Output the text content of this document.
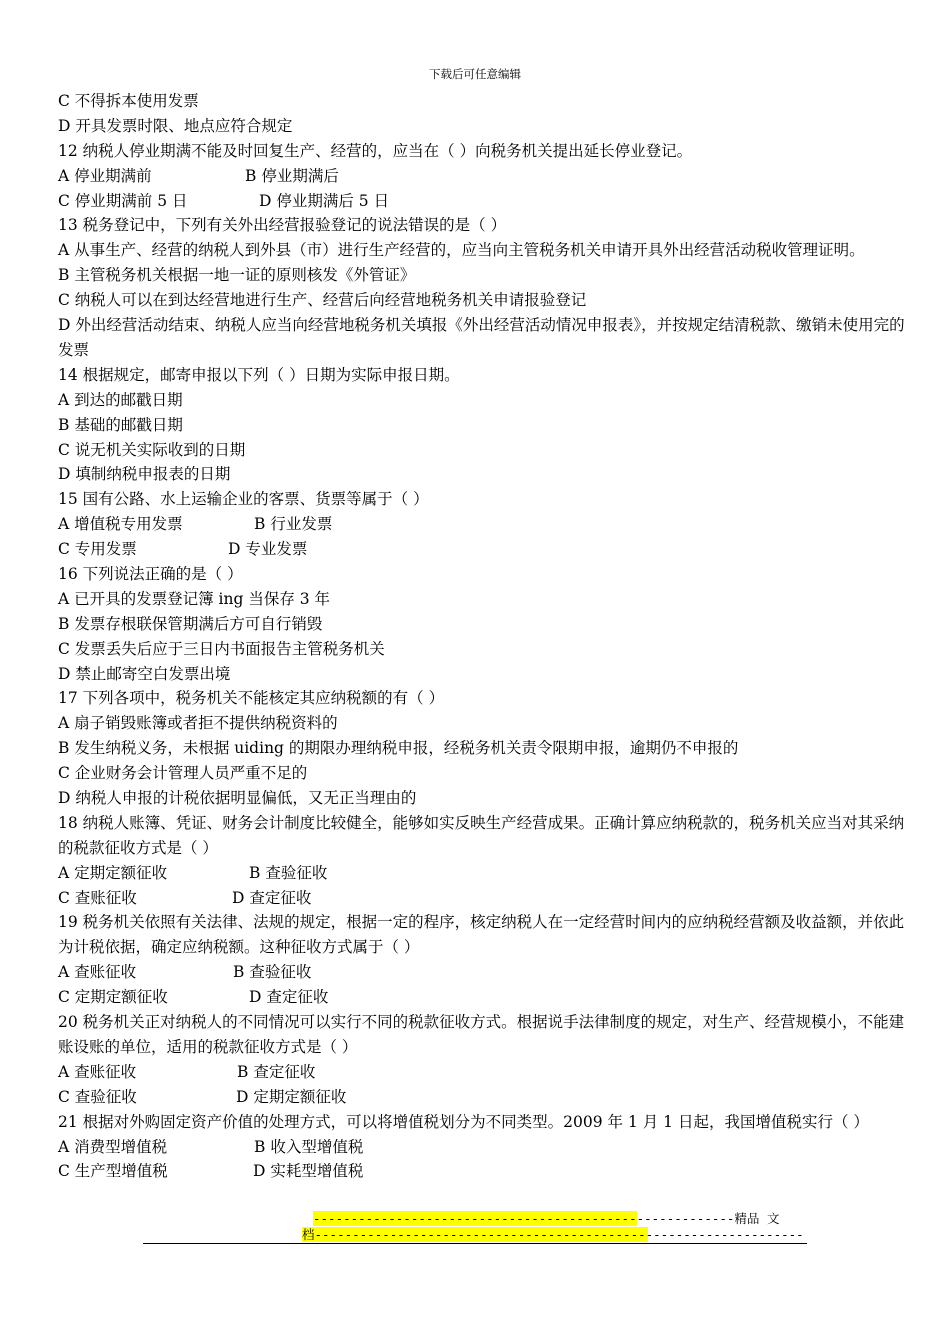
下载后可任意编辑
C 不得拆本使用发票
D 开具发票时限、地点应符合规定
12 纳税人停业期满不能及时回复生产、经营的，应当在（ ）向税务机关提出延长停业登记。
A 停业期满前	B 停业期满后
C 停业期满前 5 日	D 停业期满后 5 日
13 税务登记中，下列有关外出经营报验登记的说法错误的是（ ）
A 从事生产、经营的纳税人到外县（市）进行生产经营的，应当向主管税务机关申请开具外出经营活动税收管理证明。
B 主管税务机关根据一地一证的原则核发《外管证》
C 纳税人可以在到达经营地进行生产、经营后向经营地税务机关申请报验登记
D 外出经营活动结束、纳税人应当向经营地税务机关填报《外出经营活动情况申报表》，并按规定结清税款、缴销未使用完的发票
14 根据规定，邮寄申报以下列（ ）日期为实际申报日期。
A 到达的邮戳日期
B 基础的邮戳日期
C 说无机关实际收到的日期
D 填制纳税申报表的日期
15 国有公路、水上运输企业的客票、货票等属于（ ）
A 增值税专用发票	B 行业发票
C 专用发票	D 专业发票
16 下列说法正确的是（ ）
A 已开具的发票登记簿 ing 当保存 3 年
B 发票存根联保管期满后方可自行销毁
C 发票丢失后应于三日内书面报告主管税务机关
D 禁止邮寄空白发票出境
17 下列各项中，税务机关不能核定其应纳税额的有（ ）
A 扇子销毁账簿或者拒不提供纳税资料的
B 发生纳税义务，未根据 uiding 的期限办理纳税申报，经税务机关责令限期申报，逾期仍不申报的
C 企业财务会计管理人员严重不足的
D 纳税人申报的计税依据明显偏低，又无正当理由的
18 纳税人账簿、凭证、财务会计制度比较健全，能够如实反映生产经营成果。正确计算应纳税款的，税务机关应当对其采纳的税款征收方式是（ ）
A 定期定额征收	B 查验征收
C 查账征收	D 查定征收
19 税务机关依照有关法律、法规的规定，根据一定的程序，核定纳税人在一定经营时间内的应纳税经营额及收益额，并依此为计税依据，确定应纳税额。这种征收方式属于（ ）
A 查账征收	B 查验征收
C 定期定额征收	D 查定征收
20 税务机关正对纳税人的不同情况可以实行不同的税款征收方式。根据说手法律制度的规定，对生产、经营规模小，不能建账设账的单位，适用的税款征收方式是（ ）
A 查账征收	B 查定征收
C 查验征收	D 定期定额征收
21 根据对外购固定资产价值的处理方式，可以将增值税划分为不同类型。2009 年 1 月 1 日起，我国增值税实行（ ）
A 消费型增值税	B 收入型增值税
C 生产型增值税	D 实耗型增值税
--------------------------------------------------------精品 文
档-----------------------------------------------------------------
